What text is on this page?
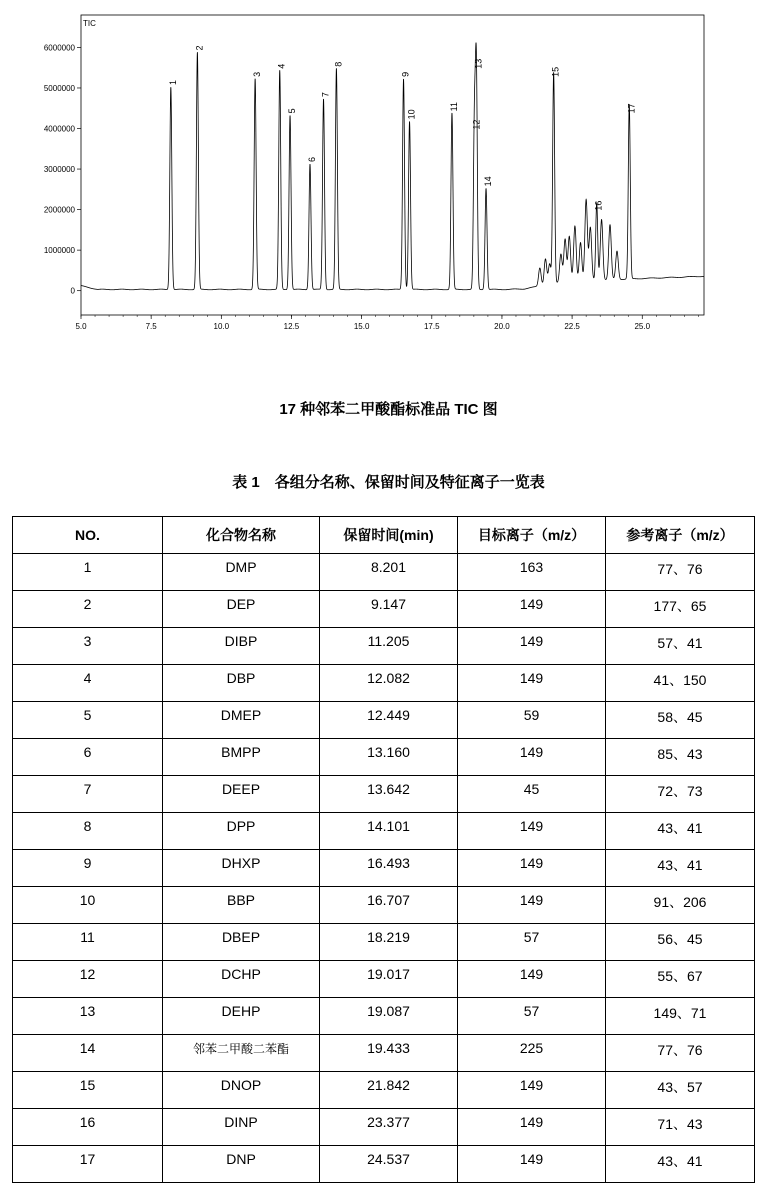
TIC
5.0	7.5	10.0	12.5	15.0	17.5	20.0	22.5	25.0
0
1000000
2000000
3000000
4000000
5000000
6000000
1
2
3
4
5
6
7
8
9
10
11
12
13
14
15
16
17
17 种邻苯二甲酸酯标准品 TIC 图
表 1　各组分名称、保留时间及特征离子一览表
NO.	化合物名称	保留时间(min)	目标离子（m/z）	参考离子（m/z）
1	DMP	8.201	163	77、76
2	DEP	9.147	149	177、65
3	DIBP	11.205	149	57、41
4	DBP	12.082	149	41、150
5	DMEP	12.449	59	58、45
6	BMPP	13.160	149	85、43
7	DEEP	13.642	45	72、73
8	DPP	14.101	149	43、41
9	DHXP	16.493	149	43、41
10	BBP	16.707	149	91、206
11	DBEP	18.219	57	56、45
12	DCHP	19.017	149	55、67
13	DEHP	19.087	57	149、71
14	邻苯二甲酸二苯酯	19.433	225	77、76
15	DNOP	21.842	149	43、57
16	DINP	23.377	149	71、43
17	DNP	24.537	149	43、41
